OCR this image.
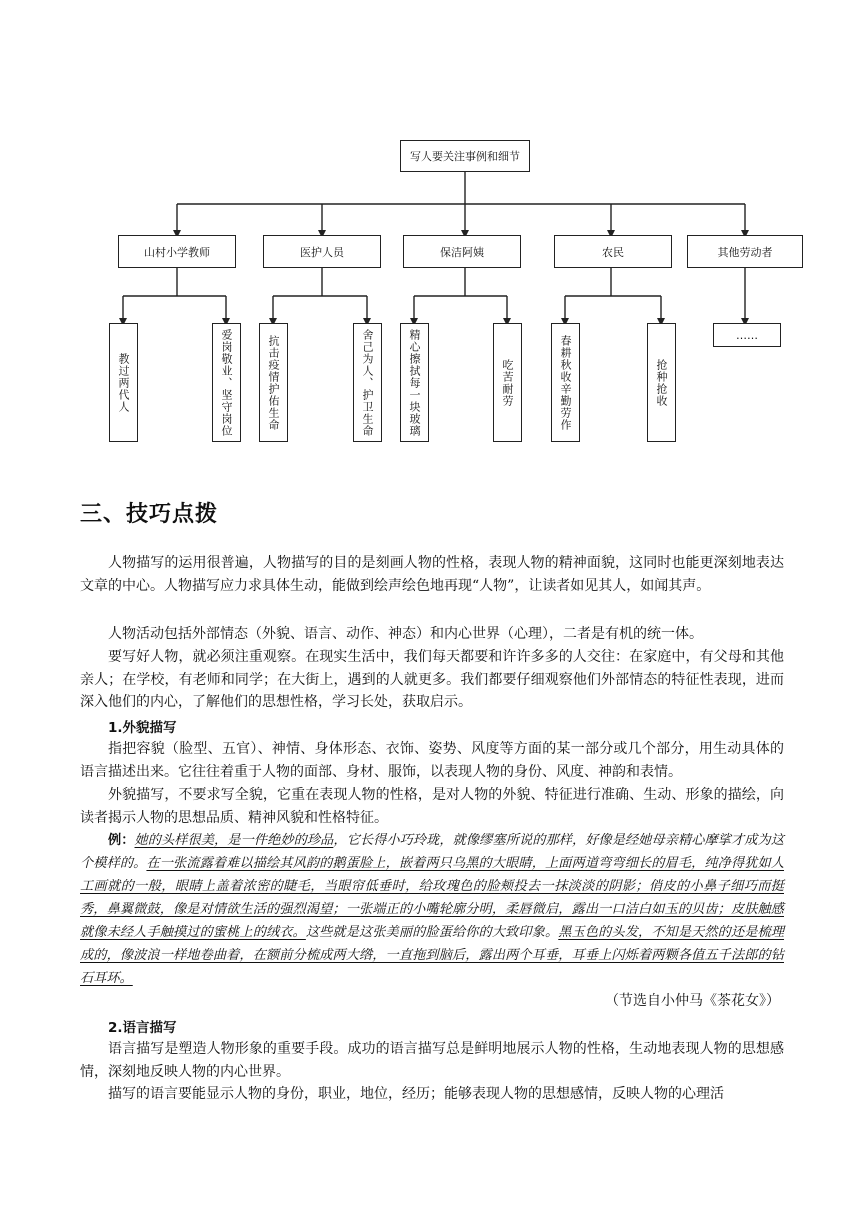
写人要关注事例和细节
山村小学教师	医护人员	保洁阿姨	农民	其他劳动者
教过两代人	爱岗敬业、坚守岗位	抗击疫情护佑生命	舍己为人、护卫生命	精心擦拭每一块玻璃	吃苦耐劳	春耕秋收辛勤劳作	抢种抢收
……
三、技巧点拨
人物描写的运用很普遍，人物描写的目的是刻画人物的性格，表现人物的精神面貌，这同时也能更深刻地表达文章的中心。人物描写应力求具体生动，能做到绘声绘色地再现“人物”，让读者如见其人，如闻其声。
人物活动包括外部情态（外貌、语言、动作、神态）和内心世界（心理），二者是有机的统一体。
要写好人物，就必须注重观察。在现实生活中，我们每天都要和许许多多的人交往：在家庭中，有父母和其他亲人；在学校，有老师和同学；在大街上，遇到的人就更多。我们都要仔细观察他们外部情态的特征性表现，进而深入他们的内心，了解他们的思想性格，学习长处，获取启示。
1.外貌描写
指把容貌（脸型、五官）、神情、身体形态、衣饰、姿势、风度等方面的某一部分或几个部分，用生动具体的语言描述出来。它往往着重于人物的面部、身材、服饰，以表现人物的身份、风度、神韵和表情。
外貌描写，不要求写全貌，它重在表现人物的性格，是对人物的外貌、特征进行准确、生动、形象的描绘，向读者揭示人物的思想品质、精神风貌和性格特征。
例：她的头样很美，是一件绝妙的珍品，它长得小巧玲珑，就像缪塞所说的那样，好像是经她母亲精心摩挲才成为这个模样的。在一张流露着难以描绘其风韵的鹅蛋脸上，嵌着两只乌黑的大眼睛，上面两道弯弯细长的眉毛，纯净得犹如人工画就的一般，眼睛上盖着浓密的睫毛，当眼帘低垂时，给玫瑰色的脸颊投去一抹淡淡的阴影；俏皮的小鼻子细巧而挺秀，鼻翼微鼓，像是对情欲生活的强烈渴望；一张端正的小嘴轮廓分明，柔唇微启，露出一口洁白如玉的贝齿；皮肤触感就像未经人手触摸过的蜜桃上的绒衣。这些就是这张美丽的脸蛋给你的大致印象。黑玉色的头发，不知是天然的还是梳理成的，像波浪一样地卷曲着，在额前分梳成两大绺，一直拖到脑后，露出两个耳垂，耳垂上闪烁着两颗各值五千法郎的钻石耳环。
（节选自小仲马《茶花女》）
2.语言描写
语言描写是塑造人物形象的重要手段。成功的语言描写总是鲜明地展示人物的性格，生动地表现人物的思想感情，深刻地反映人物的内心世界。
描写的语言要能显示人物的身份，职业，地位，经历；能够表现人物的思想感情，反映人物的心理活
